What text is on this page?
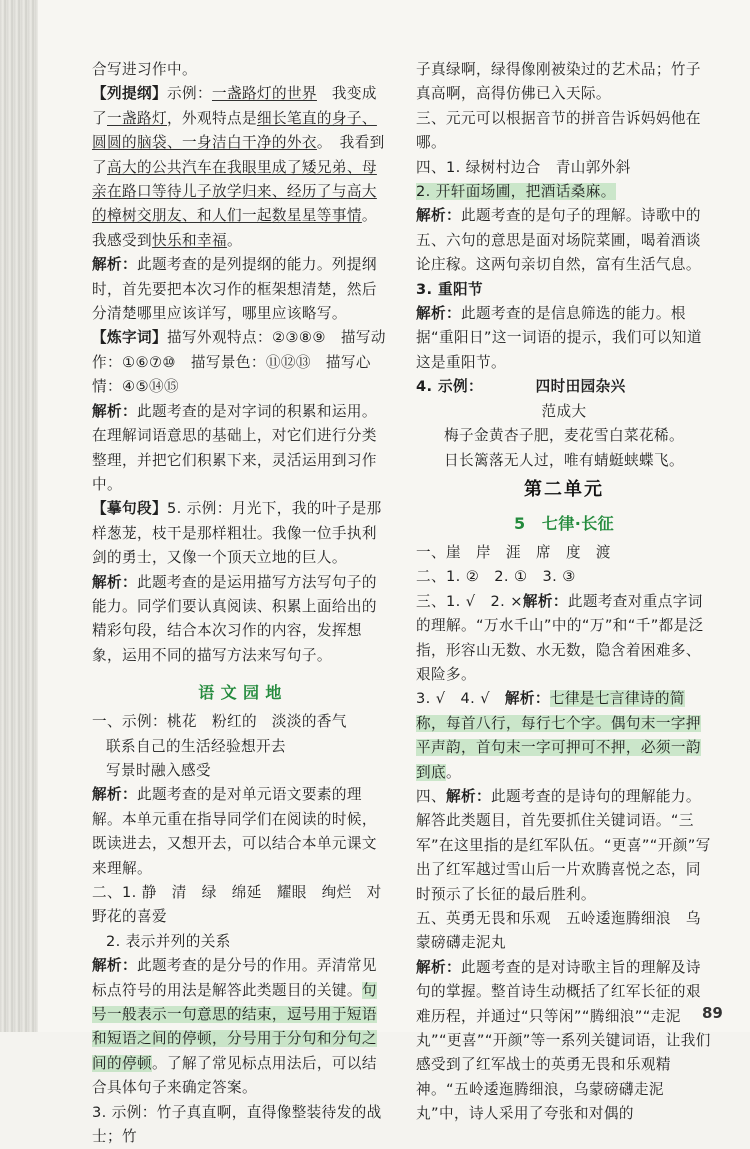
合写进习作中。

【列提纲】示例：一盏路灯的世界　我变成了一盏路灯，外观特点是细长笔直的身子、圆圆的脑袋、一身洁白干净的外衣。　我看到了高大的公共汽车在我眼里成了矮兄弟、母亲在路口等待儿子放学归来、经历了与高大的樟树交朋友、和人们一起数星星等事情。　我感受到快乐和幸福。

解析：此题考查的是列提纲的能力。列提纲时，首先要把本次习作的框架想清楚，然后分清楚哪里应该详写，哪里应该略写。

【炼字词】描写外观特点：②③⑧⑨　描写动作：①⑥⑦⑩　描写景色：⑪⑫⑬　描写心情：④⑤⑭⑮

解析：此题考查的是对字词的积累和运用。在理解词语意思的基础上，对它们进行分类整理，并把它们积累下来，灵活运用到习作中。

【摹句段】5. 示例：月光下，我的叶子是那样葱茏，枝干是那样粗壮。我像一位手执利剑的勇士，又像一个顶天立地的巨人。

解析：此题考查的是运用描写方法写句子的能力。同学们要认真阅读、积累上面给出的精彩句段，结合本次习作的内容，发挥想象，运用不同的描写方法来写句子。

语 文 园 地

一、示例：桃花　粉红的　淡淡的香气

联系自己的生活经验想开去

写景时融入感受

解析：此题考查的是对单元语文要素的理解。本单元重在指导同学们在阅读的时候，既读进去，又想开去，可以结合本单元课文来理解。

二、1. 静　清　绿　绵延　耀眼　绚烂　对野花的喜爱

2. 表示并列的关系

解析：此题考查的是分号的作用。弄清常见标点符号的用法是解答此类题目的关键。句号一般表示一句意思的结束，逗号用于短语和短语之间的停顿，分号用于分句和分句之间的停顿。了解了常见标点用法后，可以结合具体句子来确定答案。

3. 示例：竹子真直啊，直得像整装待发的战士；竹

子真绿啊，绿得像刚被染过的艺术品；竹子真高啊，高得仿佛已入天际。

三、元元可以根据音节的拼音告诉妈妈他在哪。

四、1. 绿树村边合　青山郭外斜

2. 开轩面场圃，把酒话桑麻。

解析：此题考查的是句子的理解。诗歌中的五、六句的意思是面对场院菜圃，喝着酒谈论庄稼。这两句亲切自然，富有生活气息。

3. 重阳节

解析：此题考查的是信息筛选的能力。根据“重阳日”这一词语的提示，我们可以知道这是重阳节。

4. 示例：　　　　四时田园杂兴

范成大

梅子金黄杏子肥，麦花雪白菜花稀。

日长篱落无人过，唯有蜻蜓蛱蝶飞。

第二单元

5　七律·长征

一、崖　岸　涯　席　度　渡

二、1. ②　2. ①　3. ③

三、1. √　2. ×解析：此题考查对重点字词的理解。“万水千山”中的“万”和“千”都是泛指，形容山无数、水无数，隐含着困难多、艰险多。

3. √　4. √　解析：七律是七言律诗的简称，每首八行，每行七个字。偶句末一字押平声韵，首句末一字可押可不押，必须一韵到底。

四、解析：此题考查的是诗句的理解能力。解答此类题目，首先要抓住关键词语。“三军”在这里指的是红军队伍。“更喜”“开颜”写出了红军越过雪山后一片欢腾喜悦之态，同时预示了长征的最后胜利。

五、英勇无畏和乐观　五岭逶迤腾细浪　乌蒙磅礴走泥丸

解析：此题考查的是对诗歌主旨的理解及诗句的掌握。整首诗生动概括了红军长征的艰难历程，并通过“只等闲”“腾细浪”“走泥丸”“更喜”“开颜”等一系列关键词语，让我们感受到了红军战士的英勇无畏和乐观精神。“五岭逶迤腾细浪，乌蒙磅礴走泥丸”中，诗人采用了夸张和对偶的

89
